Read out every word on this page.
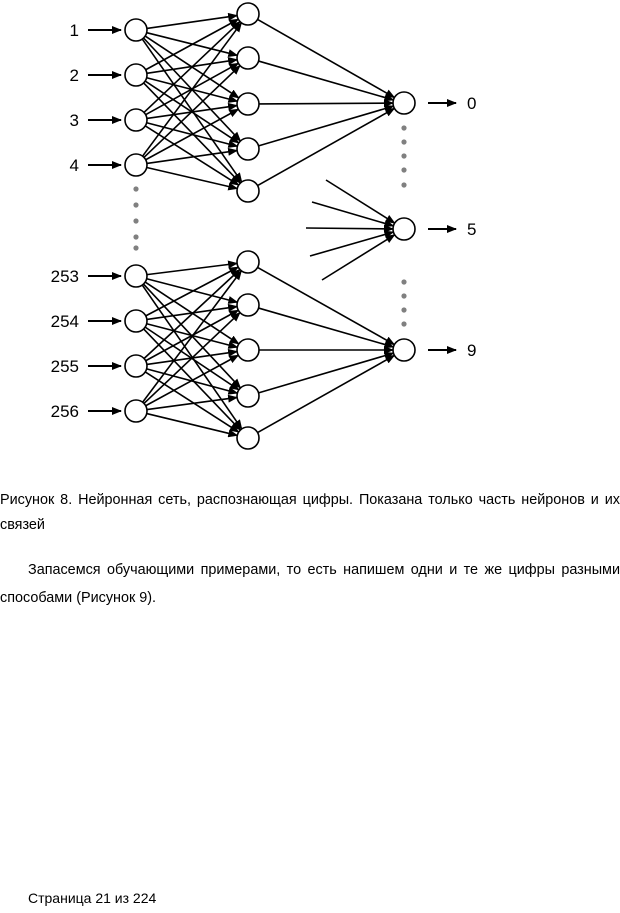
1
2
3
4
253
254
255
256
0
5
9
Рисунок 8. Нейронная сеть, распознающая цифры. Показана только часть нейронов и их связей
Запасемся обучающими примерами, то есть напишем одни и те же цифры разными способами (Рисунок 9).
Страница 21 из 224
